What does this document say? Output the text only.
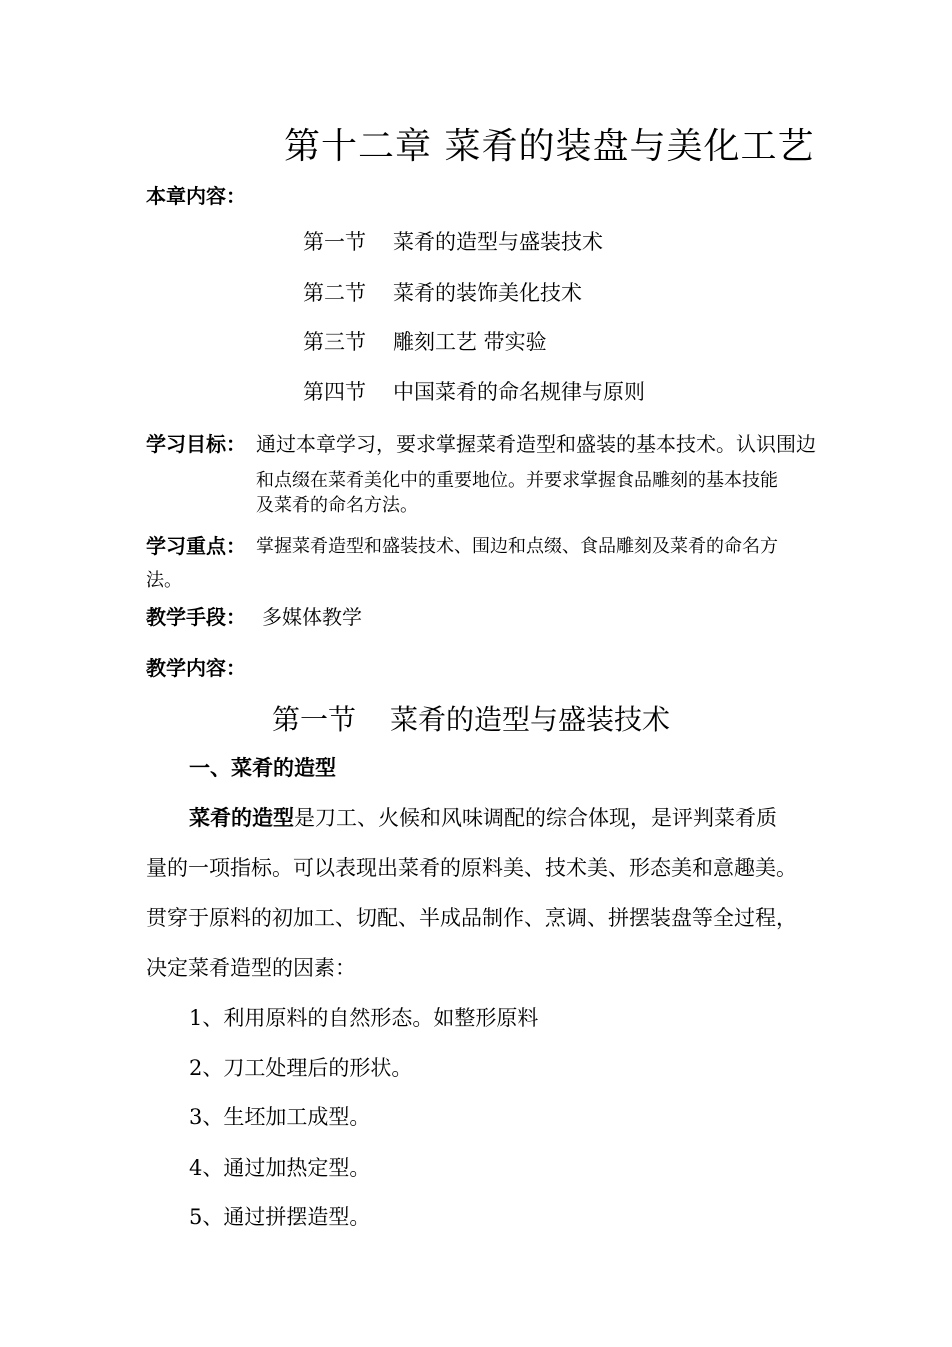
第十二章 菜肴的装盘与美化工艺
本章内容：
第一节 菜肴的造型与盛装技术
第二节 菜肴的装饰美化技术
第三节 雕刻工艺 带实验
第四节 中国菜肴的命名规律与原则
学习目标： 通过本章学习，要求掌握菜肴造型和盛装的基本技术。认识围边
和点缀在菜肴美化中的重要地位。并要求掌握食品雕刻的基本技能
及菜肴的命名方法。
学习重点： 掌握菜肴造型和盛装技术、围边和点缀、食品雕刻及菜肴的命名方
法。
教学手段： 多媒体教学
教学内容：
第一节 菜肴的造型与盛装技术
一、菜肴的造型
菜肴的造型是刀工、火候和风味调配的综合体现，是评判菜肴质
量的一项指标。可以表现出菜肴的原料美、技术美、形态美和意趣美。
贯穿于原料的初加工、切配、半成品制作、烹调、拼摆装盘等全过程，
决定菜肴造型的因素：
1、利用原料的自然形态。如整形原料
2、刀工处理后的形状。
3、生坯加工成型。
4、通过加热定型。
5、通过拼摆造型。
